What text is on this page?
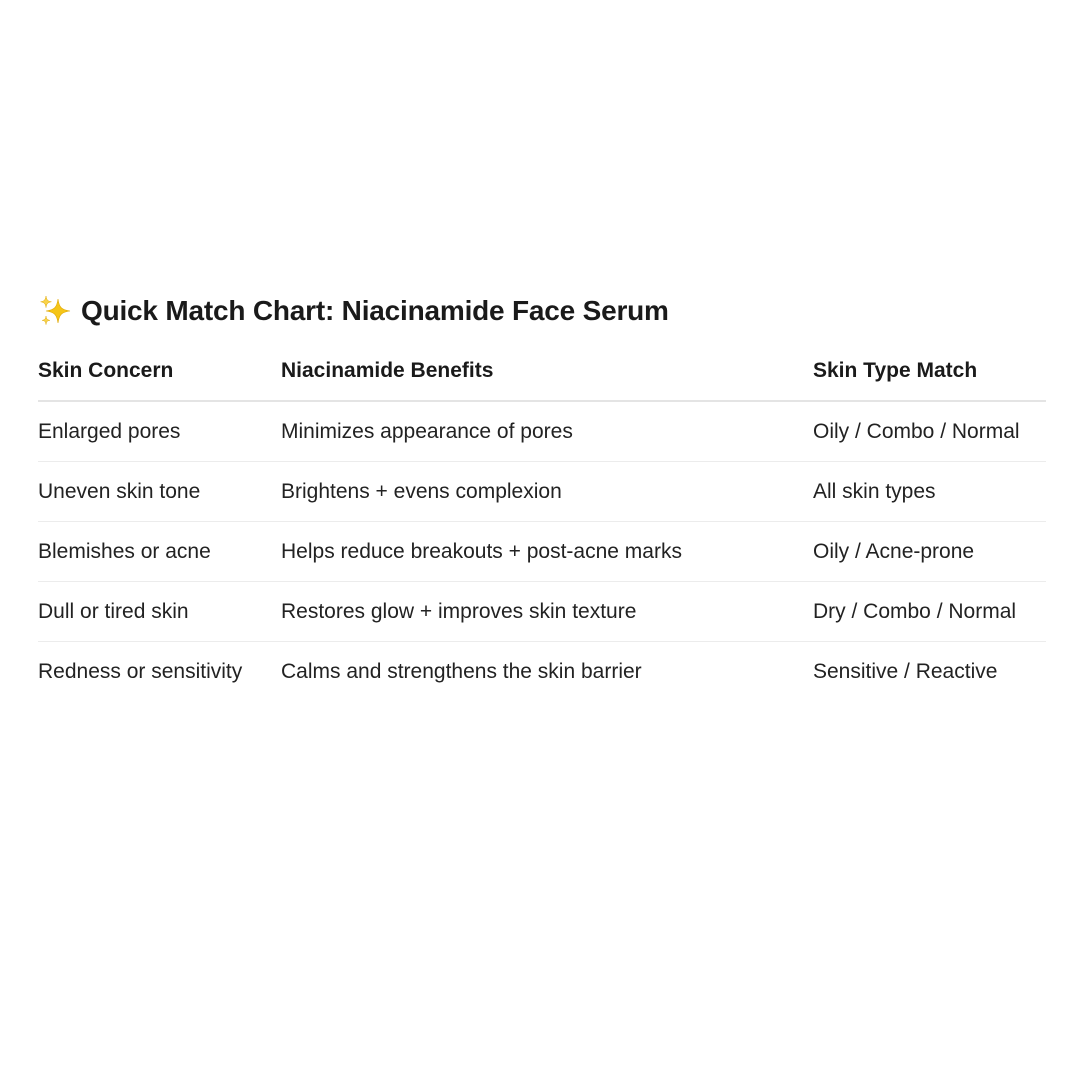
Quick Match Chart: Niacinamide Face Serum
Skin Concern	Niacinamide Benefits	Skin Type Match
Enlarged pores	Minimizes appearance of pores	Oily / Combo / Normal
Uneven skin tone	Brightens + evens complexion	All skin types
Blemishes or acne	Helps reduce breakouts + post-acne marks	Oily / Acne-prone
Dull or tired skin	Restores glow + improves skin texture	Dry / Combo / Normal
Redness or sensitivity	Calms and strengthens the skin barrier	Sensitive / Reactive
